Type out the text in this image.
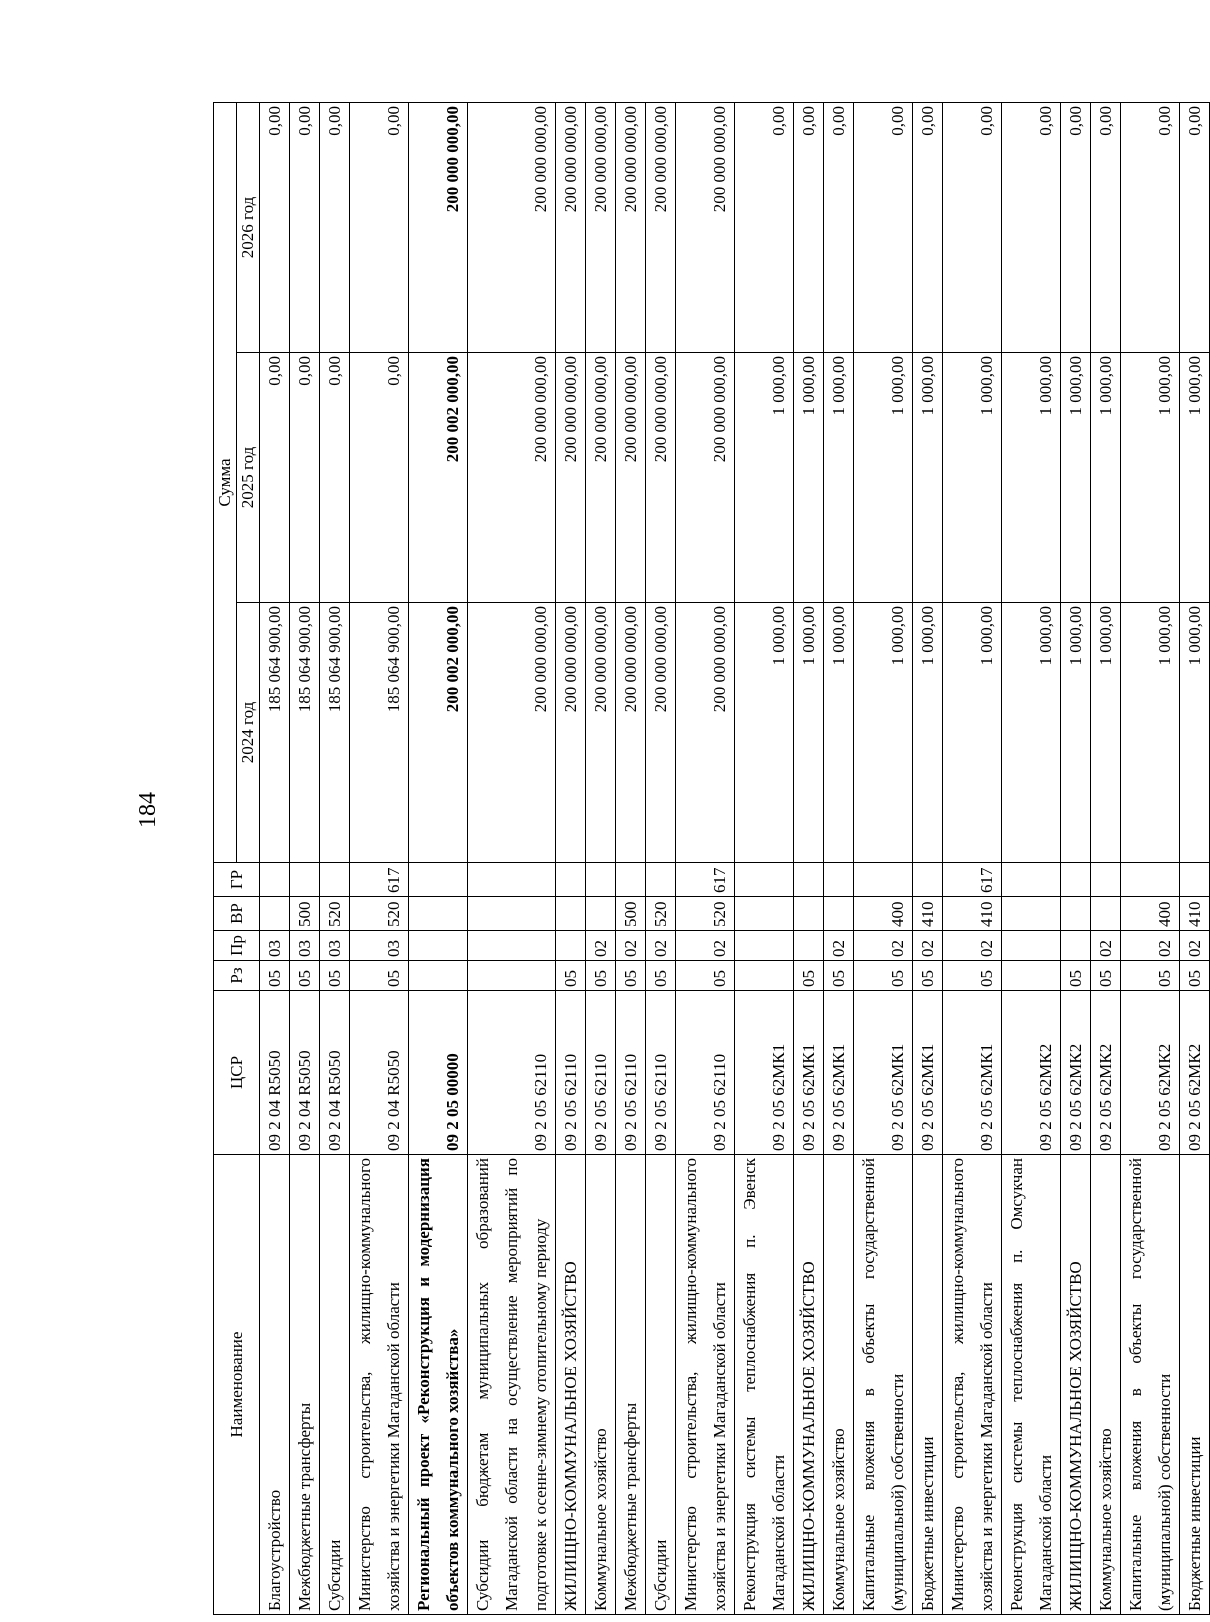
184
Наименование	ЦСР	Рз	Пр	ВР	ГР	Сумма		
						2024 год	2025 год	2026 год
Благоустройство	09 2 04 R5050	05	03			185 064 900,00	0,00	0,00
Межбюджетные трансферты	09 2 04 R5050	05	03	500		185 064 900,00	0,00	0,00
Субсидии	09 2 04 R5050	05	03	520		185 064 900,00	0,00	0,00
Министерство строительства, жилищно-коммунального хозяйства и энергетики Магаданской области	09 2 04 R5050	05	03	520	617	185 064 900,00	0,00	0,00
Региональный проект «Реконструкция и модернизация объектов коммунального хозяйства»	09 2 05 00000					200 002 000,00	200 002 000,00	200 000 000,00
Субсидии бюджетам муниципальных образований Магаданской области на осуществление мероприятий по подготовке к осенне-зимнему отопительному периоду	09 2 05 62110					200 000 000,00	200 000 000,00	200 000 000,00
ЖИЛИЩНО-КОММУНАЛЬНОЕ ХОЗЯЙСТВО	09 2 05 62110	05				200 000 000,00	200 000 000,00	200 000 000,00
Коммунальное хозяйство	09 2 05 62110	05	02			200 000 000,00	200 000 000,00	200 000 000,00
Межбюджетные трансферты	09 2 05 62110	05	02	500		200 000 000,00	200 000 000,00	200 000 000,00
Субсидии	09 2 05 62110	05	02	520		200 000 000,00	200 000 000,00	200 000 000,00
Министерство строительства, жилищно-коммунального хозяйства и энергетики Магаданской области	09 2 05 62110	05	02	520	617	200 000 000,00	200 000 000,00	200 000 000,00
Реконструкция системы теплоснабжения п. Эвенск Магаданской области	09 2 05 62МК1					1 000,00	1 000,00	0,00
ЖИЛИЩНО-КОММУНАЛЬНОЕ ХОЗЯЙСТВО	09 2 05 62МК1	05				1 000,00	1 000,00	0,00
Коммунальное хозяйство	09 2 05 62МК1	05	02			1 000,00	1 000,00	0,00
Капитальные вложения в объекты государственной (муниципальной) собственности	09 2 05 62МК1	05	02	400		1 000,00	1 000,00	0,00
Бюджетные инвестиции	09 2 05 62МК1	05	02	410		1 000,00	1 000,00	0,00
Министерство строительства, жилищно-коммунального хозяйства и энергетики Магаданской области	09 2 05 62МК1	05	02	410	617	1 000,00	1 000,00	0,00
Реконструкция системы теплоснабжения п. Омсукчан Магаданской области	09 2 05 62МК2					1 000,00	1 000,00	0,00
ЖИЛИЩНО-КОММУНАЛЬНОЕ ХОЗЯЙСТВО	09 2 05 62МК2	05				1 000,00	1 000,00	0,00
Коммунальное хозяйство	09 2 05 62МК2	05	02			1 000,00	1 000,00	0,00
Капитальные вложения в объекты государственной (муниципальной) собственности	09 2 05 62МК2	05	02	400		1 000,00	1 000,00	0,00
Бюджетные инвестиции	09 2 05 62МК2	05	02	410		1 000,00	1 000,00	0,00
